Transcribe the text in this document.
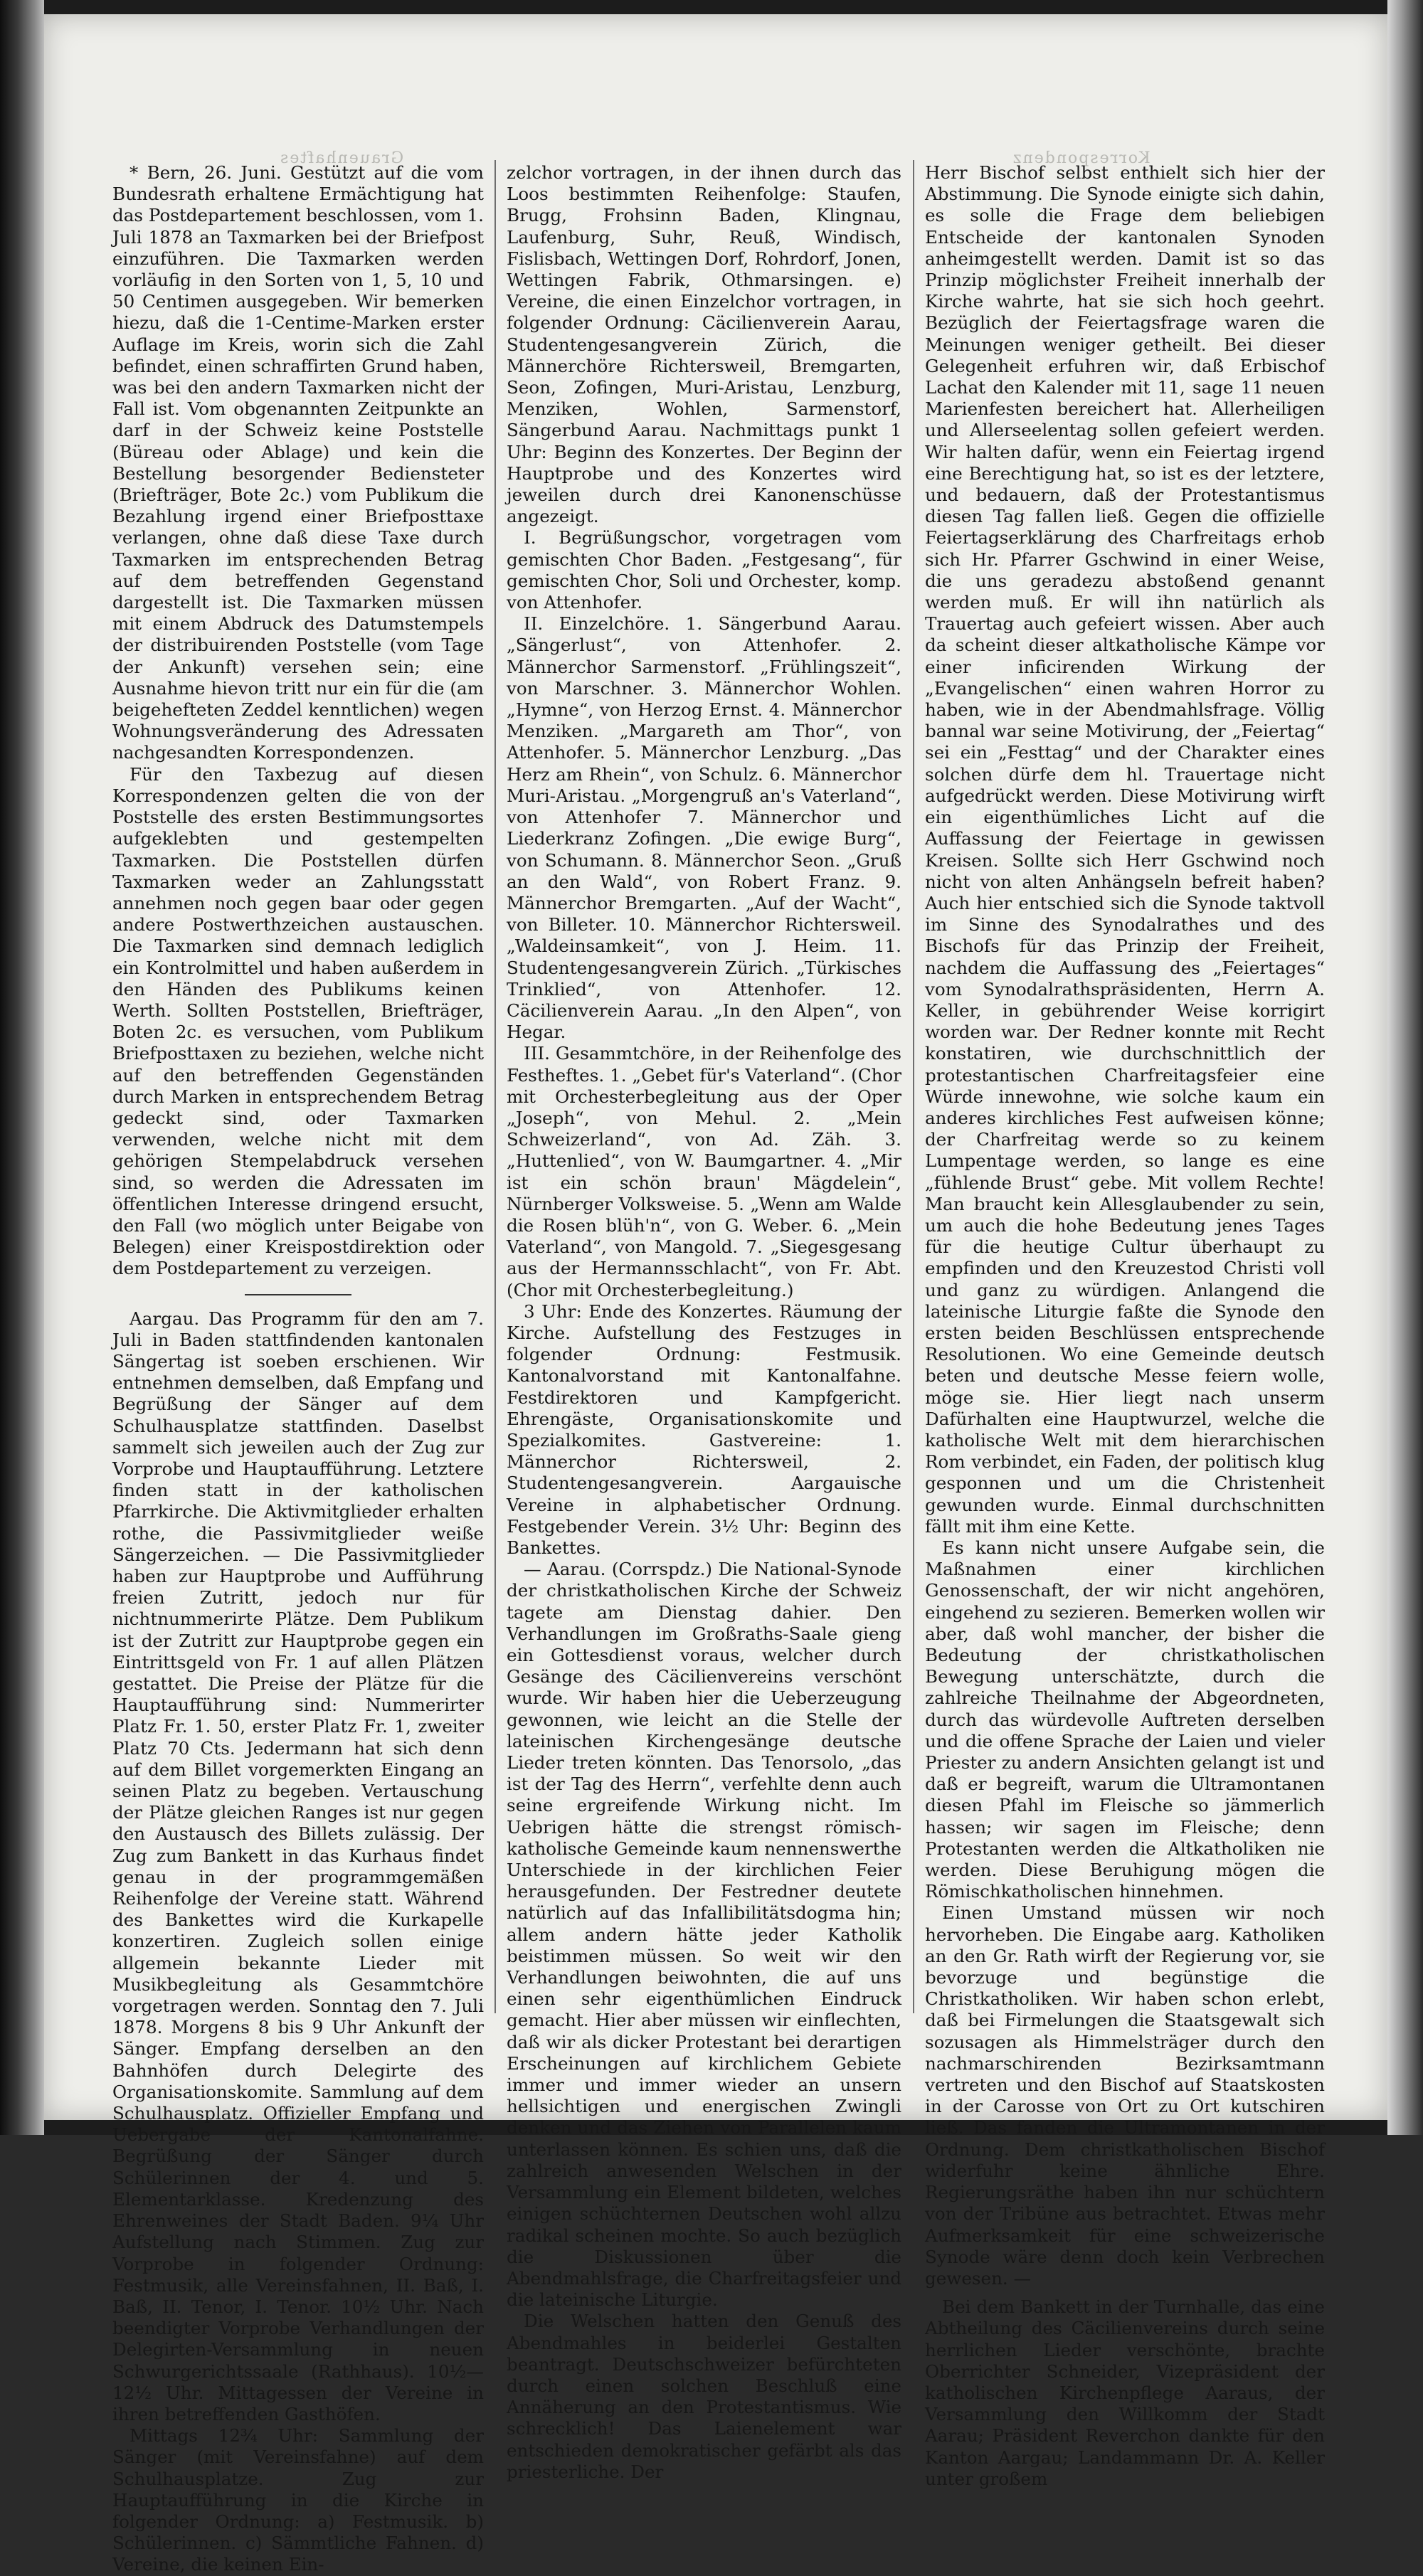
Grauenhaftes	Korrespondenz

* Bern, 26. Juni. Gestützt auf die vom Bundesrath erhaltene Ermächtigung hat das Postdepartement beschlossen, vom 1. Juli 1878 an Taxmarken bei der Briefpost einzuführen. Die Taxmarken werden vorläufig in den Sorten von 1, 5, 10 und 50 Centimen ausgegeben. Wir bemerken hiezu, daß die 1-Centime-Marken erster Auflage im Kreis, worin sich die Zahl befindet, einen schraffirten Grund haben, was bei den andern Taxmarken nicht der Fall ist. Vom obgenannten Zeitpunkte an darf in der Schweiz keine Poststelle (Büreau oder Ablage) und kein die Bestellung besorgender Bediensteter (Briefträger, Bote 2c.) vom Publikum die Bezahlung irgend einer Briefposttaxe verlangen, ohne daß diese Taxe durch Taxmarken im entsprechenden Betrag auf dem betreffenden Gegenstand dargestellt ist. Die Taxmarken müssen mit einem Abdruck des Datumstempels der distribuirenden Poststelle (vom Tage der Ankunft) versehen sein; eine Ausnahme hievon tritt nur ein für die (am beigehefteten Zeddel kenntlichen) wegen Wohnungsveränderung des Adressaten nachgesandten Korrespondenzen.

Für den Taxbezug auf diesen Korrespondenzen gelten die von der Poststelle des ersten Bestimmungsortes aufgeklebten und gestempelten Taxmarken. Die Poststellen dürfen Taxmarken weder an Zahlungsstatt annehmen noch gegen baar oder gegen andere Postwerthzeichen austauschen. Die Taxmarken sind demnach lediglich ein Kontrolmittel und haben außerdem in den Händen des Publikums keinen Werth. Sollten Poststellen, Briefträger, Boten 2c. es versuchen, vom Publikum Briefposttaxen zu beziehen, welche nicht auf den betreffenden Gegenständen durch Marken in entsprechendem Betrag gedeckt sind, oder Taxmarken verwenden, welche nicht mit dem gehörigen Stempelabdruck versehen sind, so werden die Adressaten im öffentlichen Interesse dringend ersucht, den Fall (wo möglich unter Beigabe von Belegen) einer Kreispostdirektion oder dem Postdepartement zu verzeigen.

Aargau. Das Programm für den am 7. Juli in Baden stattfindenden kantonalen Sängertag ist soeben erschienen. Wir entnehmen demselben, daß Empfang und Begrüßung der Sänger auf dem Schulhausplatze stattfinden. Daselbst sammelt sich jeweilen auch der Zug zur Vorprobe und Hauptaufführung. Letztere finden statt in der katholischen Pfarrkirche. Die Aktivmitglieder erhalten rothe, die Passivmitglieder weiße Sängerzeichen. — Die Passivmitglieder haben zur Hauptprobe und Aufführung freien Zutritt, jedoch nur für nichtnummerirte Plätze. Dem Publikum ist der Zutritt zur Hauptprobe gegen ein Eintrittsgeld von Fr. 1 auf allen Plätzen gestattet. Die Preise der Plätze für die Hauptaufführung sind: Nummerirter Platz Fr. 1. 50, erster Platz Fr. 1, zweiter Platz 70 Cts. Jedermann hat sich denn auf dem Billet vorgemerkten Eingang an seinen Platz zu begeben. Vertauschung der Plätze gleichen Ranges ist nur gegen den Austausch des Billets zulässig. Der Zug zum Bankett in das Kurhaus findet genau in der programmgemäßen Reihenfolge der Vereine statt. Während des Bankettes wird die Kurkapelle konzertiren. Zugleich sollen einige allgemein bekannte Lieder mit Musikbegleitung als Gesammtchöre vorgetragen werden. Sonntag den 7. Juli 1878. Morgens 8 bis 9 Uhr Ankunft der Sänger. Empfang derselben an den Bahnhöfen durch Delegirte des Organisationskomite. Sammlung auf dem Schulhausplatz. Offizieller Empfang und Uebergabe der Kantonalfahne. Begrüßung der Sänger durch Schülerinnen der 4. und 5. Elementarklasse. Kredenzung des Ehrenweines der Stadt Baden. 9¼ Uhr Aufstellung nach Stimmen. Zug zur Vorprobe in folgender Ordnung: Festmusik, alle Vereinsfahnen, II. Baß, I. Baß, II. Tenor, I. Tenor. 10½ Uhr. Nach beendigter Vorprobe Verhandlungen der Delegirten-Versammlung in neuen Schwurgerichtssaale (Rathhaus). 10½—12½ Uhr. Mittagessen der Vereine in ihren betreffenden Gasthöfen.

Mittags 12¾ Uhr: Sammlung der Sänger (mit Vereinsfahne) auf dem Schulhausplatze. Zug zur Hauptaufführung in die Kirche in folgender Ordnung: a) Festmusik. b) Schülerinnen. c) Sämmtliche Fahnen. d) Vereine, die keinen Ein-

zelchor vortragen, in der ihnen durch das Loos bestimmten Reihenfolge: Staufen, Brugg, Frohsinn Baden, Klingnau, Laufenburg, Suhr, Reuß, Windisch, Fislisbach, Wettingen Dorf, Rohrdorf, Jonen, Wettingen Fabrik, Othmarsingen. e) Vereine, die einen Einzelchor vortragen, in folgender Ordnung: Cäcilienverein Aarau, Studentengesangverein Zürich, die Männerchöre Richtersweil, Bremgarten, Seon, Zofingen, Muri-Aristau, Lenzburg, Menziken, Wohlen, Sarmenstorf, Sängerbund Aarau. Nachmittags punkt 1 Uhr: Beginn des Konzertes. Der Beginn der Hauptprobe und des Konzertes wird jeweilen durch drei Kanonenschüsse angezeigt.

I. Begrüßungschor, vorgetragen vom gemischten Chor Baden. „Festgesang“, für gemischten Chor, Soli und Orchester, komp. von Attenhofer.

II. Einzelchöre. 1. Sängerbund Aarau. „Sängerlust“, von Attenhofer. 2. Männerchor Sarmenstorf. „Frühlingszeit“, von Marschner. 3. Männerchor Wohlen. „Hymne“, von Herzog Ernst. 4. Männerchor Menziken. „Margareth am Thor“, von Attenhofer. 5. Männerchor Lenzburg. „Das Herz am Rhein“, von Schulz. 6. Männerchor Muri-Aristau. „Morgengruß an's Vaterland“, von Attenhofer 7. Männerchor und Liederkranz Zofingen. „Die ewige Burg“, von Schumann. 8. Männerchor Seon. „Gruß an den Wald“, von Robert Franz. 9. Männerchor Bremgarten. „Auf der Wacht“, von Billeter. 10. Männerchor Richtersweil. „Waldeinsamkeit“, von J. Heim. 11. Studentengesangverein Zürich. „Türkisches Trinklied“, von Attenhofer. 12. Cäcilienverein Aarau. „In den Alpen“, von Hegar.

III. Gesammtchöre, in der Reihenfolge des Festheftes. 1. „Gebet für's Vaterland“. (Chor mit Orchesterbegleitung aus der Oper „Joseph“, von Mehul. 2. „Mein Schweizerland“, von Ad. Zäh. 3. „Huttenlied“, von W. Baumgartner. 4. „Mir ist ein schön braun' Mägdelein“, Nürnberger Volksweise. 5. „Wenn am Walde die Rosen blüh'n“, von G. Weber. 6. „Mein Vaterland“, von Mangold. 7. „Siegesgesang aus der Hermannsschlacht“, von Fr. Abt. (Chor mit Orchesterbegleitung.)

3 Uhr: Ende des Konzertes. Räumung der Kirche. Aufstellung des Festzuges in folgender Ordnung: Festmusik. Kantonalvorstand mit Kantonalfahne. Festdirektoren und Kampfgericht. Ehrengäste, Organisationskomite und Spezialkomites. Gastvereine: 1. Männerchor Richtersweil, 2. Studentengesangverein. Aargauische Vereine in alphabetischer Ordnung. Festgebender Verein. 3½ Uhr: Beginn des Bankettes.

— Aarau. (Corrspdz.) Die National-Synode der christkatholischen Kirche der Schweiz tagete am Dienstag dahier. Den Verhandlungen im Großraths-Saale gieng ein Gottesdienst voraus, welcher durch Gesänge des Cäcilienvereins verschönt wurde. Wir haben hier die Ueberzeugung gewonnen, wie leicht an die Stelle der lateinischen Kirchengesänge deutsche Lieder treten könnten. Das Tenorsolo, „das ist der Tag des Herrn“, verfehlte denn auch seine ergreifende Wirkung nicht. Im Uebrigen hätte die strengst römisch-katholische Gemeinde kaum nennenswerthe Unterschiede in der kirchlichen Feier herausgefunden. Der Festredner deutete natürlich auf das Infallibilitätsdogma hin; allem andern hätte jeder Katholik beistimmen müssen. So weit wir den Verhandlungen beiwohnten, die auf uns einen sehr eigenthümlichen Eindruck gemacht. Hier aber müssen wir einflechten, daß wir als dicker Protestant bei derartigen Erscheinungen auf kirchlichem Gebiete immer und immer wieder an unsern hellsichtigen und energischen Zwingli denken und das Ziehen von Parallelen kaum unterlassen können. Es schien uns, daß die zahlreich anwesenden Welschen in der Versammlung ein Element bildeten, welches einigen schüchternen Deutschen wohl allzu radikal scheinen mochte. So auch bezüglich die Diskussionen über die Abendmahlsfrage, die Charfreitagsfeier und die lateinische Liturgie.

Die Welschen hatten den Genuß des Abendmahles in beiderlei Gestalten beantragt. Deutschschweizer befürchteten durch einen solchen Beschluß eine Annäherung an den Protestantismus. Wie schrecklich! Das Laienelement war entschieden demokratischer gefärbt als das priesterliche. Der

Herr Bischof selbst enthielt sich hier der Abstimmung. Die Synode einigte sich dahin, es solle die Frage dem beliebigen Entscheide der kantonalen Synoden anheimgestellt werden. Damit ist so das Prinzip möglichster Freiheit innerhalb der Kirche wahrte, hat sie sich hoch geehrt. Bezüglich der Feiertagsfrage waren die Meinungen weniger getheilt. Bei dieser Gelegenheit erfuhren wir, daß Erbischof Lachat den Kalender mit 11, sage 11 neuen Marienfesten bereichert hat. Allerheiligen und Allerseelentag sollen gefeiert werden. Wir halten dafür, wenn ein Feiertag irgend eine Berechtigung hat, so ist es der letztere, und bedauern, daß der Protestantismus diesen Tag fallen ließ. Gegen die offizielle Feiertagserklärung des Charfreitags erhob sich Hr. Pfarrer Gschwind in einer Weise, die uns geradezu abstoßend genannt werden muß. Er will ihn natürlich als Trauertag auch gefeiert wissen. Aber auch da scheint dieser altkatholische Kämpe vor einer inficirenden Wirkung der „Evangelischen“ einen wahren Horror zu haben, wie in der Abendmahlsfrage. Völlig bannal war seine Motivirung, der „Feiertag“ sei ein „Festtag“ und der Charakter eines solchen dürfe dem hl. Trauertage nicht aufgedrückt werden. Diese Motivirung wirft ein eigenthümliches Licht auf die Auffassung der Feiertage in gewissen Kreisen. Sollte sich Herr Gschwind noch nicht von alten Anhängseln befreit haben? Auch hier entschied sich die Synode taktvoll im Sinne des Synodalrathes und des Bischofs für das Prinzip der Freiheit, nachdem die Auffassung des „Feiertages“ vom Synodalrathspräsidenten, Herrn A. Keller, in gebührender Weise korrigirt worden war. Der Redner konnte mit Recht konstatiren, wie durchschnittlich der protestantischen Charfreitagsfeier eine Würde innewohne, wie solche kaum ein anderes kirchliches Fest aufweisen könne; der Charfreitag werde so zu keinem Lumpentage werden, so lange es eine „fühlende Brust“ gebe. Mit vollem Rechte! Man braucht kein Allesglaubender zu sein, um auch die hohe Bedeutung jenes Tages für die heutige Cultur überhaupt zu empfinden und den Kreuzestod Christi voll und ganz zu würdigen. Anlangend die lateinische Liturgie faßte die Synode den ersten beiden Beschlüssen entsprechende Resolutionen. Wo eine Gemeinde deutsch beten und deutsche Messe feiern wolle, möge sie. Hier liegt nach unserm Dafürhalten eine Hauptwurzel, welche die katholische Welt mit dem hierarchischen Rom verbindet, ein Faden, der politisch klug gesponnen und um die Christenheit gewunden wurde. Einmal durchschnitten fällt mit ihm eine Kette.

Es kann nicht unsere Aufgabe sein, die Maßnahmen einer kirchlichen Genossenschaft, der wir nicht angehören, eingehend zu sezieren. Bemerken wollen wir aber, daß wohl mancher, der bisher die Bedeutung der christkatholischen Bewegung unterschätzte, durch die zahlreiche Theilnahme der Abgeordneten, durch das würdevolle Auftreten derselben und die offene Sprache der Laien und vieler Priester zu andern Ansichten gelangt ist und daß er begreift, warum die Ultramontanen diesen Pfahl im Fleische so jämmerlich hassen; wir sagen im Fleische; denn Protestanten werden die Altkatholiken nie werden. Diese Beruhigung mögen die Römischkatholischen hinnehmen.

Einen Umstand müssen wir noch hervorheben. Die Eingabe aarg. Katholiken an den Gr. Rath wirft der Regierung vor, sie bevorzuge und begünstige die Christkatholiken. Wir haben schon erlebt, daß bei Firmelungen die Staatsgewalt sich sozusagen als Himmelsträger durch den nachmarschirenden Bezirksamtmann vertreten und den Bischof auf Staatskosten in der Carosse von Ort zu Ort kutschiren ließ. Das fanden die Ultramontanen in der Ordnung. Dem christkatholischen Bischof widerfuhr keine ähnliche Ehre. Regierungsräthe haben ihn nur schüchtern von der Tribüne aus betrachtet. Etwas mehr Aufmerksamkeit für eine schweizerische Synode wäre denn doch kein Verbrechen gewesen. —

Bei dem Bankett in der Turnhalle, das eine Abtheilung des Cäcilienvereins durch seine herrlichen Lieder verschönte, brachte Oberrichter Schneider, Vizepräsident der katholischen Kirchenpflege Aaraus, der Versammlung den Willkomm der Stadt Aarau; Präsident Reverchon dankte für den Kanton Aargau; Landammann Dr. A. Keller unter großem
